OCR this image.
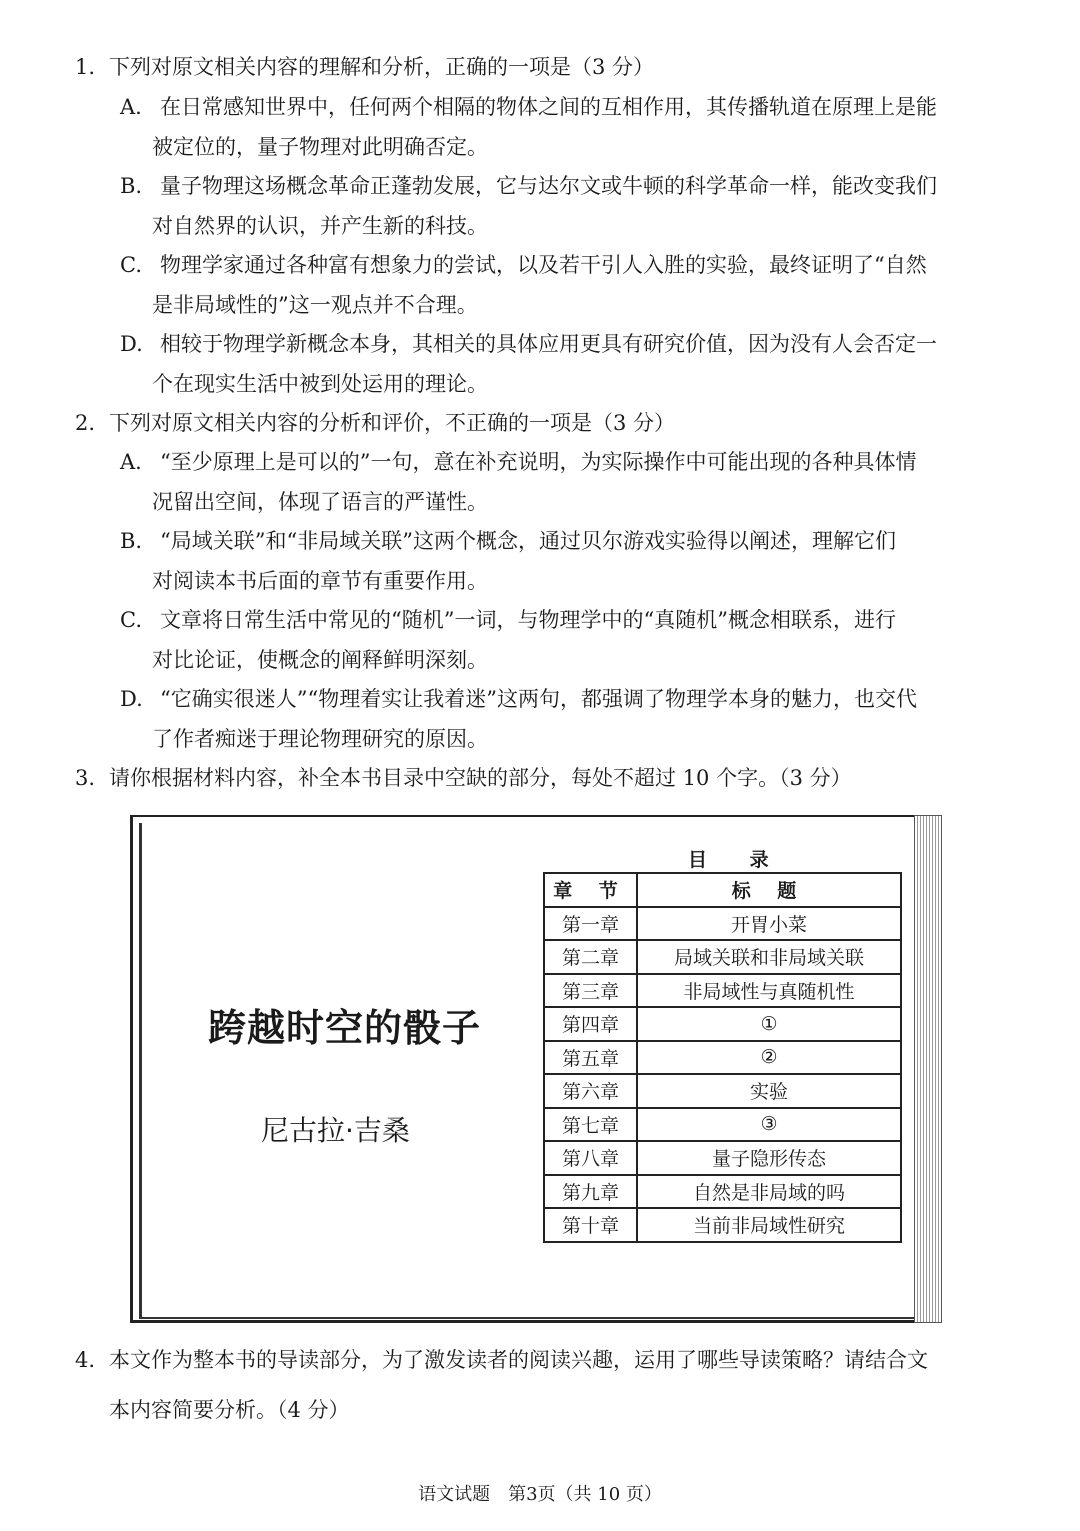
1. 下列对原文相关内容的理解和分析，正确的一项是（3 分）
A. 在日常感知世界中，任何两个相隔的物体之间的互相作用，其传播轨道在原理上是能
被定位的，量子物理对此明确否定。
B. 量子物理这场概念革命正蓬勃发展，它与达尔文或牛顿的科学革命一样，能改变我们
对自然界的认识，并产生新的科技。
C. 物理学家通过各种富有想象力的尝试，以及若干引人入胜的实验，最终证明了“自然
是非局域性的”这一观点并不合理。
D. 相较于物理学新概念本身，其相关的具体应用更具有研究价值，因为没有人会否定一
个在现实生活中被到处运用的理论。
2. 下列对原文相关内容的分析和评价，不正确的一项是（3 分）
A. “至少原理上是可以的”一句，意在补充说明，为实际操作中可能出现的各种具体情
况留出空间，体现了语言的严谨性。
B. “局域关联”和“非局域关联”这两个概念，通过贝尔游戏实验得以阐述，理解它们
对阅读本书后面的章节有重要作用。
C. 文章将日常生活中常见的“随机”一词，与物理学中的“真随机”概念相联系，进行
对比论证，使概念的阐释鲜明深刻。
D. “它确实很迷人”“物理着实让我着迷”这两句，都强调了物理学本身的魅力，也交代
了作者痴迷于理论物理研究的原因。
3. 请你根据材料内容，补全本书目录中空缺的部分，每处不超过 10 个字。（3 分）
跨越时空的骰子
尼古拉·吉桑
目 录
章 节	标 题
第一章	开胃小菜
第二章	局域关联和非局域关联
第三章	非局域性与真随机性
第四章	①
第五章	②
第六章	实验
第七章	③
第八章	量子隐形传态
第九章	自然是非局域的吗
第十章	当前非局域性研究
4. 本文作为整本书的导读部分，为了激发读者的阅读兴趣，运用了哪些导读策略？请结合文
本内容简要分析。（4 分）
语文试题　第3页（共 10 页）
